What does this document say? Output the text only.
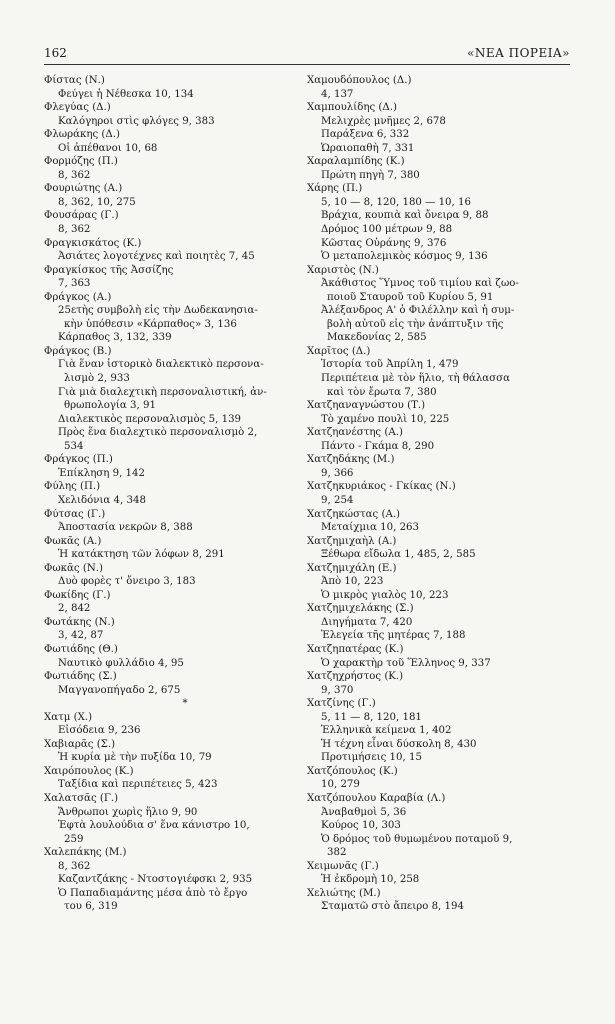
162	«ΝΕΑ ΠΟΡΕΙΑ»
Φίστας (Ν.)
Φεύγει ἡ Νέθεσκα 10, 134
Φλεγύας (Δ.)
Καλόγηροι στὶς φλόγες 9, 383
Φλωράκης (Δ.)
Οἱ ἀπέθανοι 10, 68
Φορμόζης (Π.)
8, 362
Φουριώτης (Α.)
8, 362, 10, 275
Φουσάρας (Γ.)
8, 362
Φραγκισκάτος (Κ.)
Ἀσιάτες λογοτέχνες καὶ ποιητὲς 7, 45
Φραγκίσκος τῆς Ἀσσίζης
7, 363
Φράγκος (Α.)
25ετὴς συμβολὴ εἰς τὴν Δωδεκανησια-
κὴν ὑπόθεσιν «Κάρπαθος» 3, 136
Κάρπαθος 3, 132, 339
Φράγκος (Β.)
Γιὰ ἕναν ἱστορικὸ διαλεκτικὸ περσονα-
λισμὸ 2, 933
Γιὰ μιὰ διαλεχτικὴ περσοναλιστική, ἀν-
θρωπολογία 3, 91
Διαλεκτικὸς περσοναλισμὸς 5, 139
Πρὸς ἕνα διαλεχτικὸ περσοναλισμὸ 2,
534
Φράγκος (Π.)
Ἐπίκληση 9, 142
Φύλης (Π.)
Χελιδόνια 4, 348
Φύτσας (Γ.)
Ἀποστασία νεκρῶν 8, 388
Φωκᾶς (Α.)
Ἡ κατάκτηση τῶν λόφων 8, 291
Φωκᾶς (Ν.)
Δυὸ φορὲς τ' ὄνειρο 3, 183
Φωκίδης (Γ.)
2, 842
Φωτάκης (Ν.)
3, 42, 87
Φωτιάδης (Θ.)
Ναυτικὸ φυλλάδιο 4, 95
Φωτιάδης (Σ.)
Μαγγανοπήγαδο 2, 675
*
Χατμ (Χ.)
Εἰσόδεια 9, 236
Χαβιαρᾶς (Σ.)
Ἡ κυρία μὲ τὴν πυξίδα 10, 79
Χαιρόπουλος (Κ.)
Ταξίδια καὶ περιπέτειες 5, 423
Χαλατσᾶς (Γ.)
Ἄνθρωποι χωρὶς ἥλιο 9, 90
Ἑφτὰ λουλούδια σ' ἕνα κάνιστρο 10,
259
Χαλεπάκης (Μ.)
8, 362
Καζαντζάκης - Ντοστογιέφσκι 2, 935
Ὁ Παπαδιαμάντης μέσα ἀπὸ τὸ ἔργο
του 6, 319
Χαμουδόπουλος (Δ.)
4, 137
Χαμπουλίδης (Δ.)
Μελιχρὲς μνῆμες 2, 678
Παράξενα 6, 332
Ὡραιοπαθὴ 7, 331
Χαραλαμπίδης (Κ.)
Πρώτη πηγὴ 7, 380
Χάρης (Π.)
5, 10 — 8, 120, 180 — 10, 16
Βράχια, κουπιὰ καὶ ὄνειρα 9, 88
Δρόμος 100 μέτρων 9, 88
Κῶστας Οὐράνης 9, 376
Ὁ μεταπολεμικὸς κόσμος 9, 136
Χαριστὸς (Ν.)
Ἀκάθιστος Ὕμνος τοῦ τιμίου καὶ ζωο-
ποιοῦ Σταυροῦ τοῦ Κυρίου 5, 91
Ἀλέξανδρος Α' ὁ Φιλέλλην καὶ ἡ συμ-
βολὴ αὐτοῦ εἰς τὴν ἀνάπτυξιν τῆς
Μακεδονίας 2, 585
Χαρῖτος (Δ.)
Ἱστορία τοῦ Ἀπρίλη 1, 479
Περιπέτεια μὲ τὸν ἥλιο, τὴ θάλασσα
καὶ τὸν ἔρωτα 7, 380
Χατζηαναγνώστου (Τ.)
Τὸ χαμένο πουλὶ 10, 225
Χατζηανέστης (Α.)
Πάντο - Γκάμα 8, 290
Χατζηδάκης (Μ.)
9, 366
Χατζηκυριάκος - Γκίκας (Ν.)
9, 254
Χατζηκώστας (Α.)
Μεταίχμια 10, 263
Χατζημιχαὴλ (Α.)
Ξέθωρα εἴδωλα 1, 485, 2, 585
Χατζημιχάλη (Ε.)
Ἀπὸ 10, 223
Ὁ μικρὸς γιαλὸς 10, 223
Χατζημιχελάκης (Σ.)
Διηγήματα 7, 420
Ἐλεγεία τῆς μητέρας 7, 188
Χατζηπατέρας (Κ.)
Ὁ χαρακτὴρ τοῦ Ἕλληνος 9, 337
Χατζηχρήστος (Κ.)
9, 370
Χατζίνης (Γ.)
5, 11 — 8, 120, 181
Ἑλληνικὰ κείμενα 1, 402
Ἡ τέχνη εἶναι δύσκολη 8, 430
Προτιμήσεις 10, 15
Χατζόπουλος (Κ.)
10, 279
Χατζόπουλου Καραβία (Λ.)
Ἀναβαθμοὶ 5, 36
Κούρος 10, 303
Ὁ δρόμος τοῦ θυμωμένου ποταμοῦ 9,
382
Χειμωνᾶς (Γ.)
Ἡ ἐκδρομὴ 10, 258
Χελιώτης (Μ.)
Σταματῶ στὸ ἄπειρο 8, 194
